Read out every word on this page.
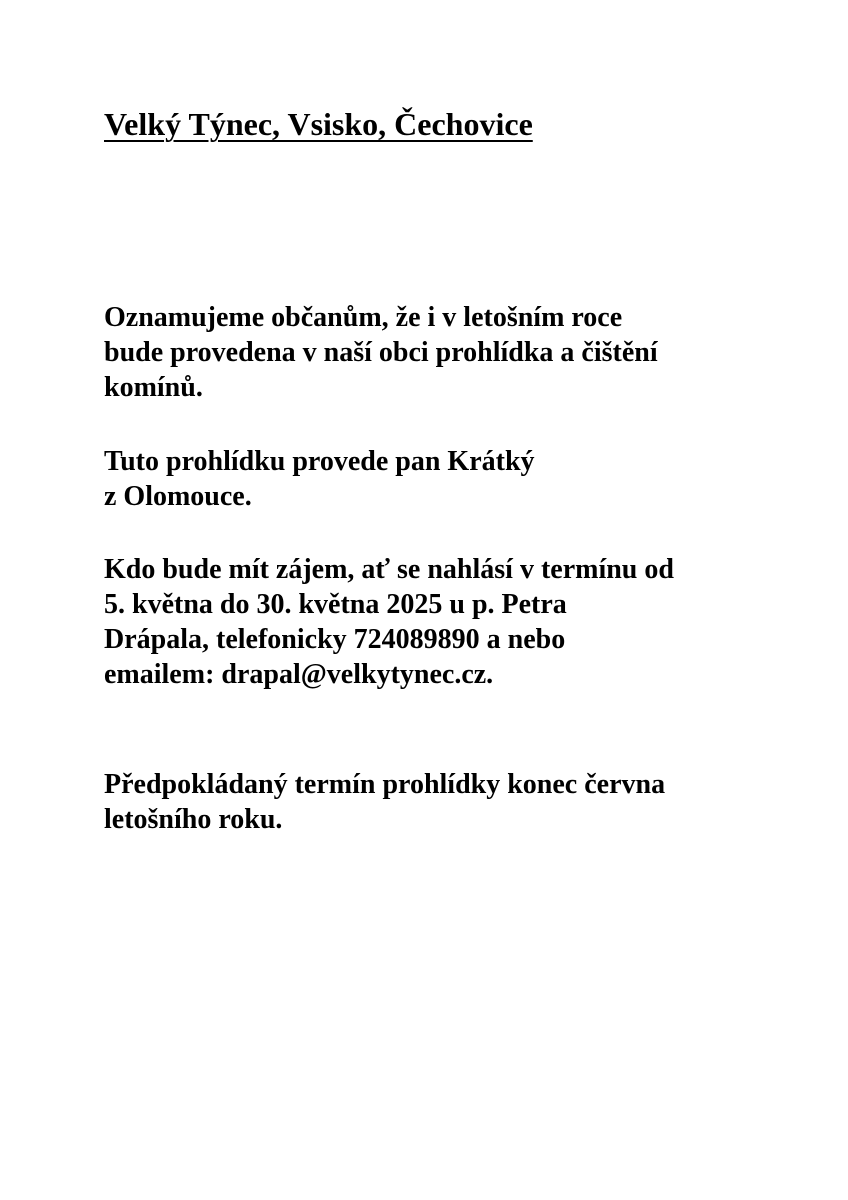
Velký Týnec, Vsisko, Čechovice

Oznamujeme občanům, že i v letošním roce
bude provedena v naší obci prohlídka a čištění
komínů.

Tuto prohlídku provede pan Krátký
z Olomouce.

Kdo bude mít zájem, ať se nahlásí v termínu od
5. května do 30. května 2025 u p. Petra
Drápala, telefonicky 724089890 a nebo
emailem: drapal@velkytynec.cz.

Předpokládaný termín prohlídky konec června
letošního roku.
